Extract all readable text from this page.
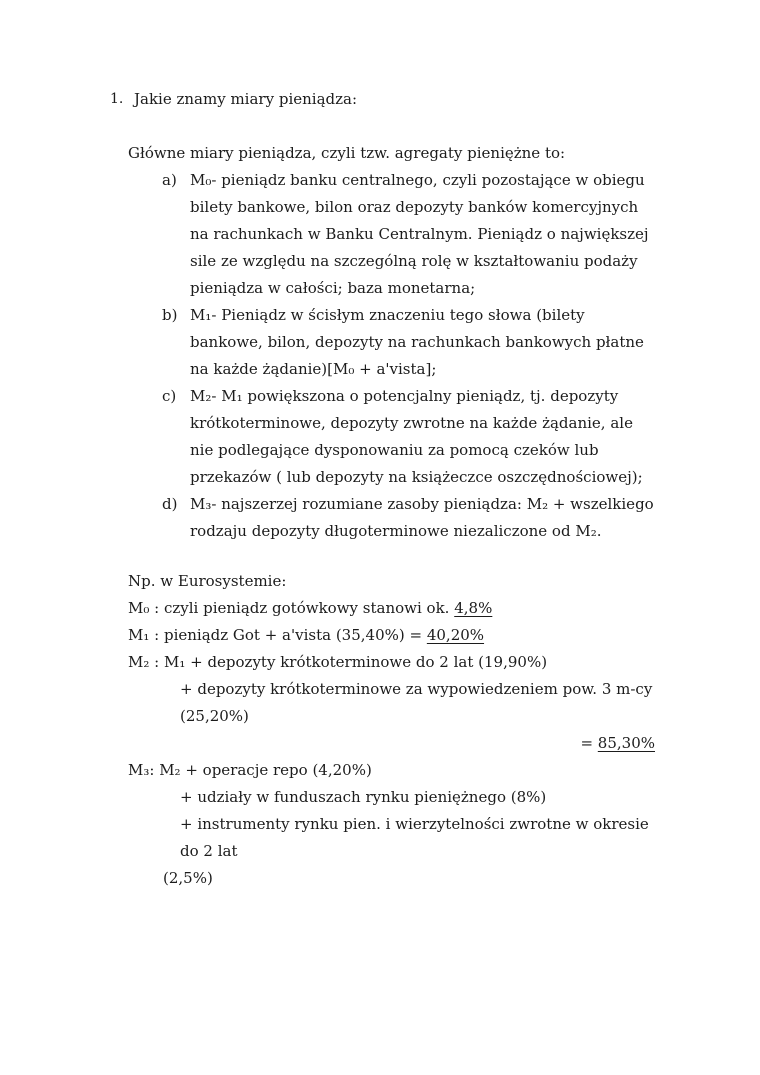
1. Jakie znamy miary pieniądza:

Główne miary pieniądza, czyli tzw. agregaty pieniężne to:

a) M₀- pieniądz banku centralnego, czyli pozostające w obiegu bilety bankowe, bilon oraz depozyty banków komercyjnych na rachunkach w Banku Centralnym. Pieniądz o największej sile ze względu na szczególną rolę w kształtowaniu podaży pieniądza w całości; baza monetarna;
b) M₁- Pieniądz w ścisłym znaczeniu tego słowa (bilety bankowe, bilon, depozyty na rachunkach bankowych płatne na każde żądanie)[M₀ + a'vista];
c) M₂- M₁ powiększona o potencjalny pieniądz, tj. depozyty krótkoterminowe, depozyty zwrotne na każde żądanie, ale nie podlegające dysponowaniu za pomocą czeków lub przekazów ( lub depozyty na książeczce oszczędnościowej);
d) M₃- najszerzej rozumiane zasoby pieniądza: M₂ + wszelkiego rodzaju depozyty długoterminowe niezaliczone od M₂.

Np. w Eurosystemie:

M₀ : czyli pieniądz gotówkowy stanowi ok. 4,8%

M₁ : pieniądz Got + a'vista (35,40%) = 40,20%

M₂ : M₁ + depozyty krótkoterminowe do 2 lat (19,90%)

+ depozyty krótkoterminowe za wypowiedzeniem pow. 3 m-cy (25,20%)

= 85,30%

M₃: M₂ + operacje repo (4,20%)

+ udziały w funduszach rynku pieniężnego (8%)

+ instrumenty rynku pien. i wierzytelności zwrotne w okresie do 2 lat

(2,5%)
